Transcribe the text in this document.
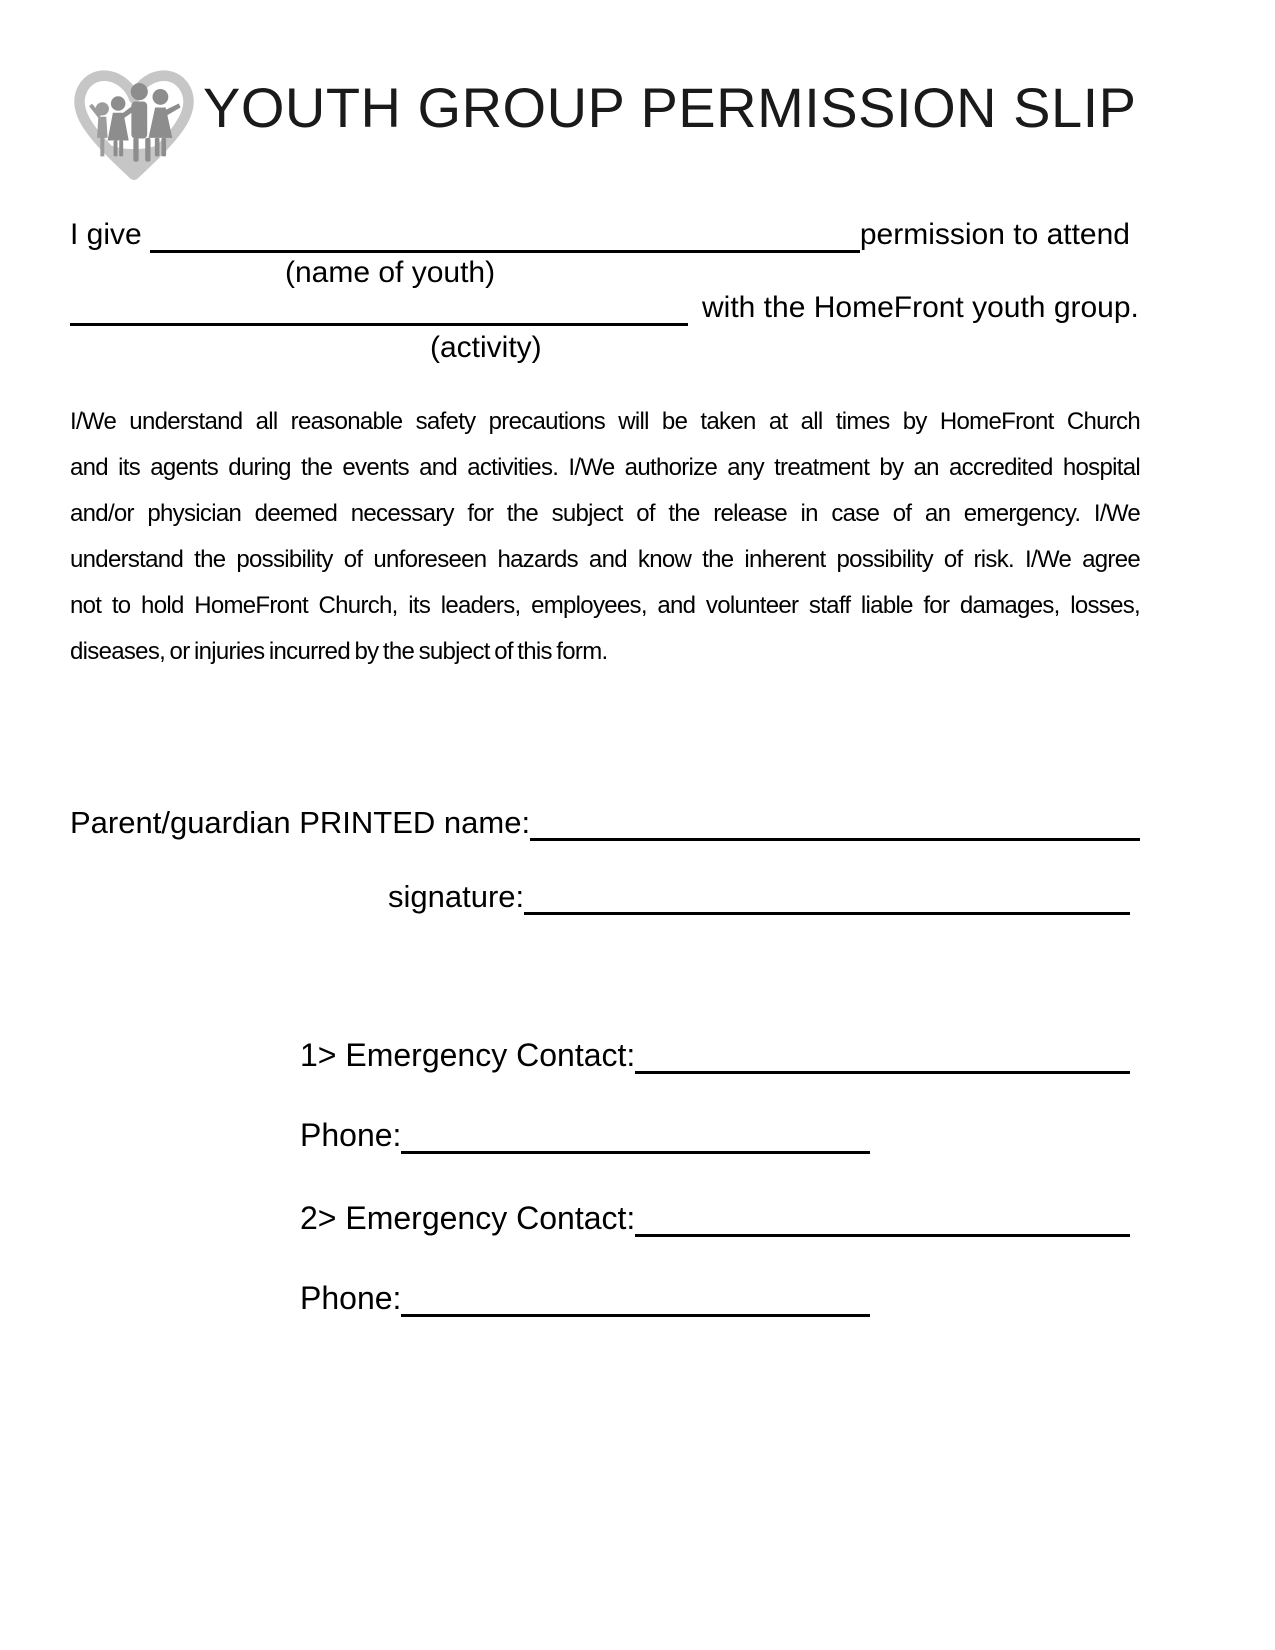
YOUTH GROUP PERMISSION SLIP
I give	permission to attend
(name of youth)
with the HomeFront youth group.
(activity)
I/We understand all reasonable safety precautions will be taken at all times by HomeFront Church
and its agents during the events and activities. I/We authorize any treatment by an accredited hospital
and/or physician deemed necessary for the subject of the release in case of an emergency. I/We
understand the possibility of unforeseen hazards and know the inherent possibility of risk. I/We agree
not to hold HomeFront Church, its leaders, employees, and volunteer staff liable for damages, losses,
diseases, or injuries incurred by the subject of this form.
Parent/guardian PRINTED name:
signature:
1> Emergency Contact:
Phone:
2> Emergency Contact:
Phone:
